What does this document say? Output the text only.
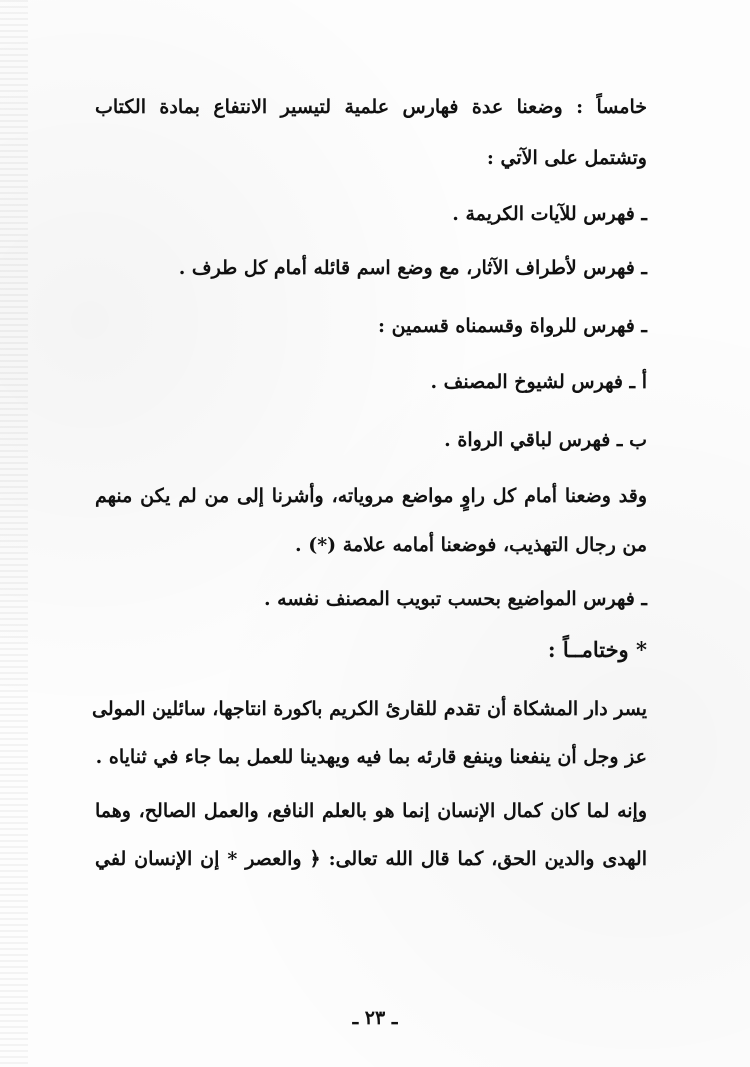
خامساً : وضعنا عدة فهارس علمية لتيسير الانتفاع بمادة الكتاب
وتشتمل على الآتي :
ـ فهرس للآيات الكريمة .
ـ فهرس لأطراف الآثار، مع وضع اسم قائله أمام كل طرف .
ـ فهرس للرواة وقسمناه قسمين :
أ ـ فهرس لشيوخ المصنف .
ب ـ فهرس لباقي الرواة .
وقد وضعنا أمام كل راوٍ مواضع مروياته، وأشرنا إلى من لم يكن منهم
من رجال التهذيب، فوضعنا أمامه علامة (*) .
ـ فهرس المواضيع بحسب تبويب المصنف نفسه .
* وختامــاً :
يسر دار المشكاة أن تقدم للقارئ الكريم باكورة انتاجها، سائلين المولى
عز وجل أن ينفعنا وينفع قارئه بما فيه ويهدينا للعمل بما جاء في ثناياه .
وإنه لما كان كمال الإنسان إنما هو بالعلم النافع، والعمل الصالح، وهما
الهدى والدين الحق، كما قال الله تعالى: ﴿ والعصر * إن الإنسان لفي
ـ ٢٣ ـ
